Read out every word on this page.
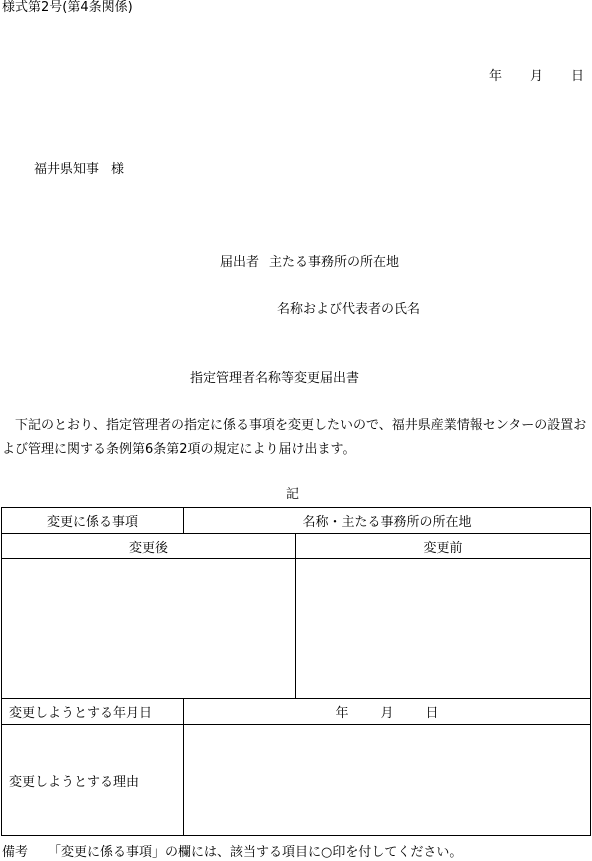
様式第2号(第4条関係)
年 月 日
福井県知事 様
届出者 主たる事務所の所在地
名称および代表者の氏名
指定管理者名称等変更届出書
下記のとおり、指定管理者の指定に係る事項を変更したいので、福井県産業情報センターの設置および管理に関する条例第6条第2項の規定により届け出ます。
記
変更に係る事項	名称・主たる事務所の所在地
変更後	変更前
変更しようとする年月日	年 月 日
変更しようとする理由
備考 「変更に係る事項」の欄には、該当する項目に○印を付してください。
